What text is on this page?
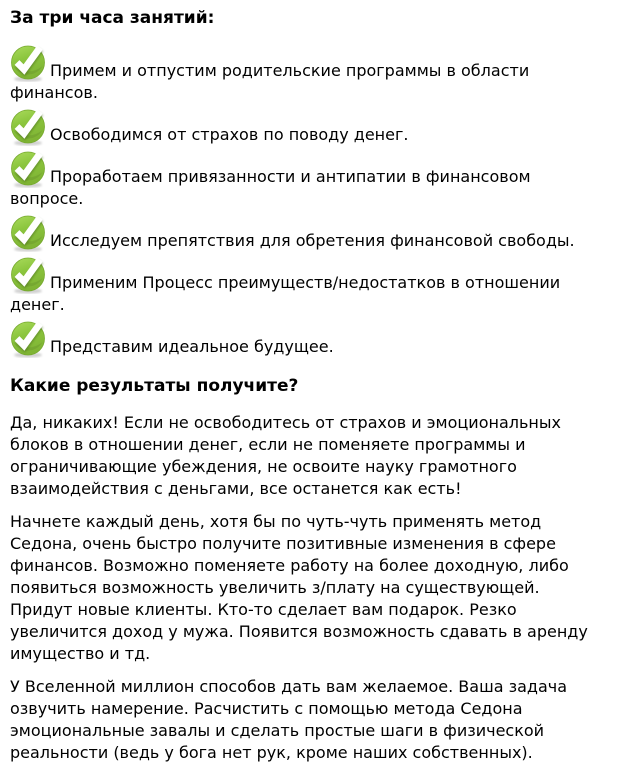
За три часа занятий:

Примем и отпустим родительские программы в области финансов.

Освободимся от страхов по поводу денег.

Проработаем привязанности и антипатии в финансовом вопросе.

Исследуем препятствия для обретения финансовой свободы.

Применим Процесс преимуществ/недостатков в отношении денег.

Представим идеальное будущее.

Какие результаты получите?

Да, никаких! Если не освободитесь от страхов и эмоциональных блоков в отношении денег, если не поменяете программы и ограничивающие убеждения, не освоите науку грамотного взаимодействия с деньгами, все останется как есть!

Начнете каждый день, хотя бы по чуть-чуть применять метод Седона, очень быстро получите позитивные изменения в сфере финансов. Возможно поменяете работу на более доходную, либо появиться возможность увеличить з/плату на существующей. Придут новые клиенты. Кто-то сделает вам подарок. Резко увеличится доход у мужа. Появится возможность сдавать в аренду имущество и тд.

У Вселенной миллион способов дать вам желаемое. Ваша задача озвучить намерение. Расчистить с помощью метода Седона эмоциональные завалы и сделать простые шаги в физической реальности (ведь у бога нет рук, кроме наших собственных).
